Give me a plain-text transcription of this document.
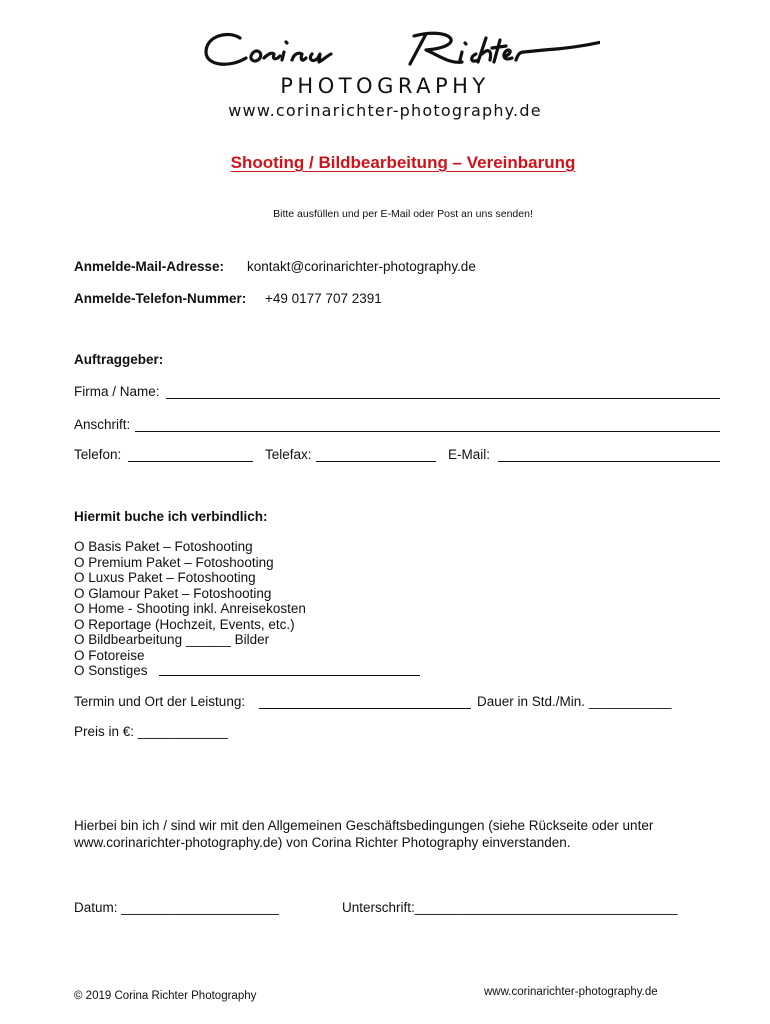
PHOTOGRAPHY
www.corinarichter-photography.de
Shooting / Bildbearbeitung – Vereinbarung
Bitte ausfüllen und per E-Mail oder Post an uns senden!
Anmelde-Mail-Adresse: kontakt@corinarichter-photography.de
Anmelde-Telefon-Nummer: +49 0177 707 2391
Auftraggeber:
Firma / Name:
Anschrift:
Telefon:	Telefax:	E-Mail:
Hiermit buche ich verbindlich:
O Basis Paket – Fotoshooting
O Premium Paket – Fotoshooting
O Luxus Paket – Fotoshooting
O Glamour Paket – Fotoshooting
O Home - Shooting inkl. Anreisekosten
O Reportage (Hochzeit, Events, etc.)
O Bildbearbeitung ______ Bilder
O Fotoreise
O Sonstiges
Termin und Ort der Leistung:	Dauer in Std./Min. ___________
Preis in €: ____________
Hierbei bin ich / sind wir mit den Allgemeinen Geschäftsbedingungen (siehe Rückseite oder unter
www.corinarichter-photography.de) von Corina Richter Photography einverstanden.
Datum: _____________________	Unterschrift:___________________________________
© 2019 Corina Richter Photography	www.corinarichter-photography.de
